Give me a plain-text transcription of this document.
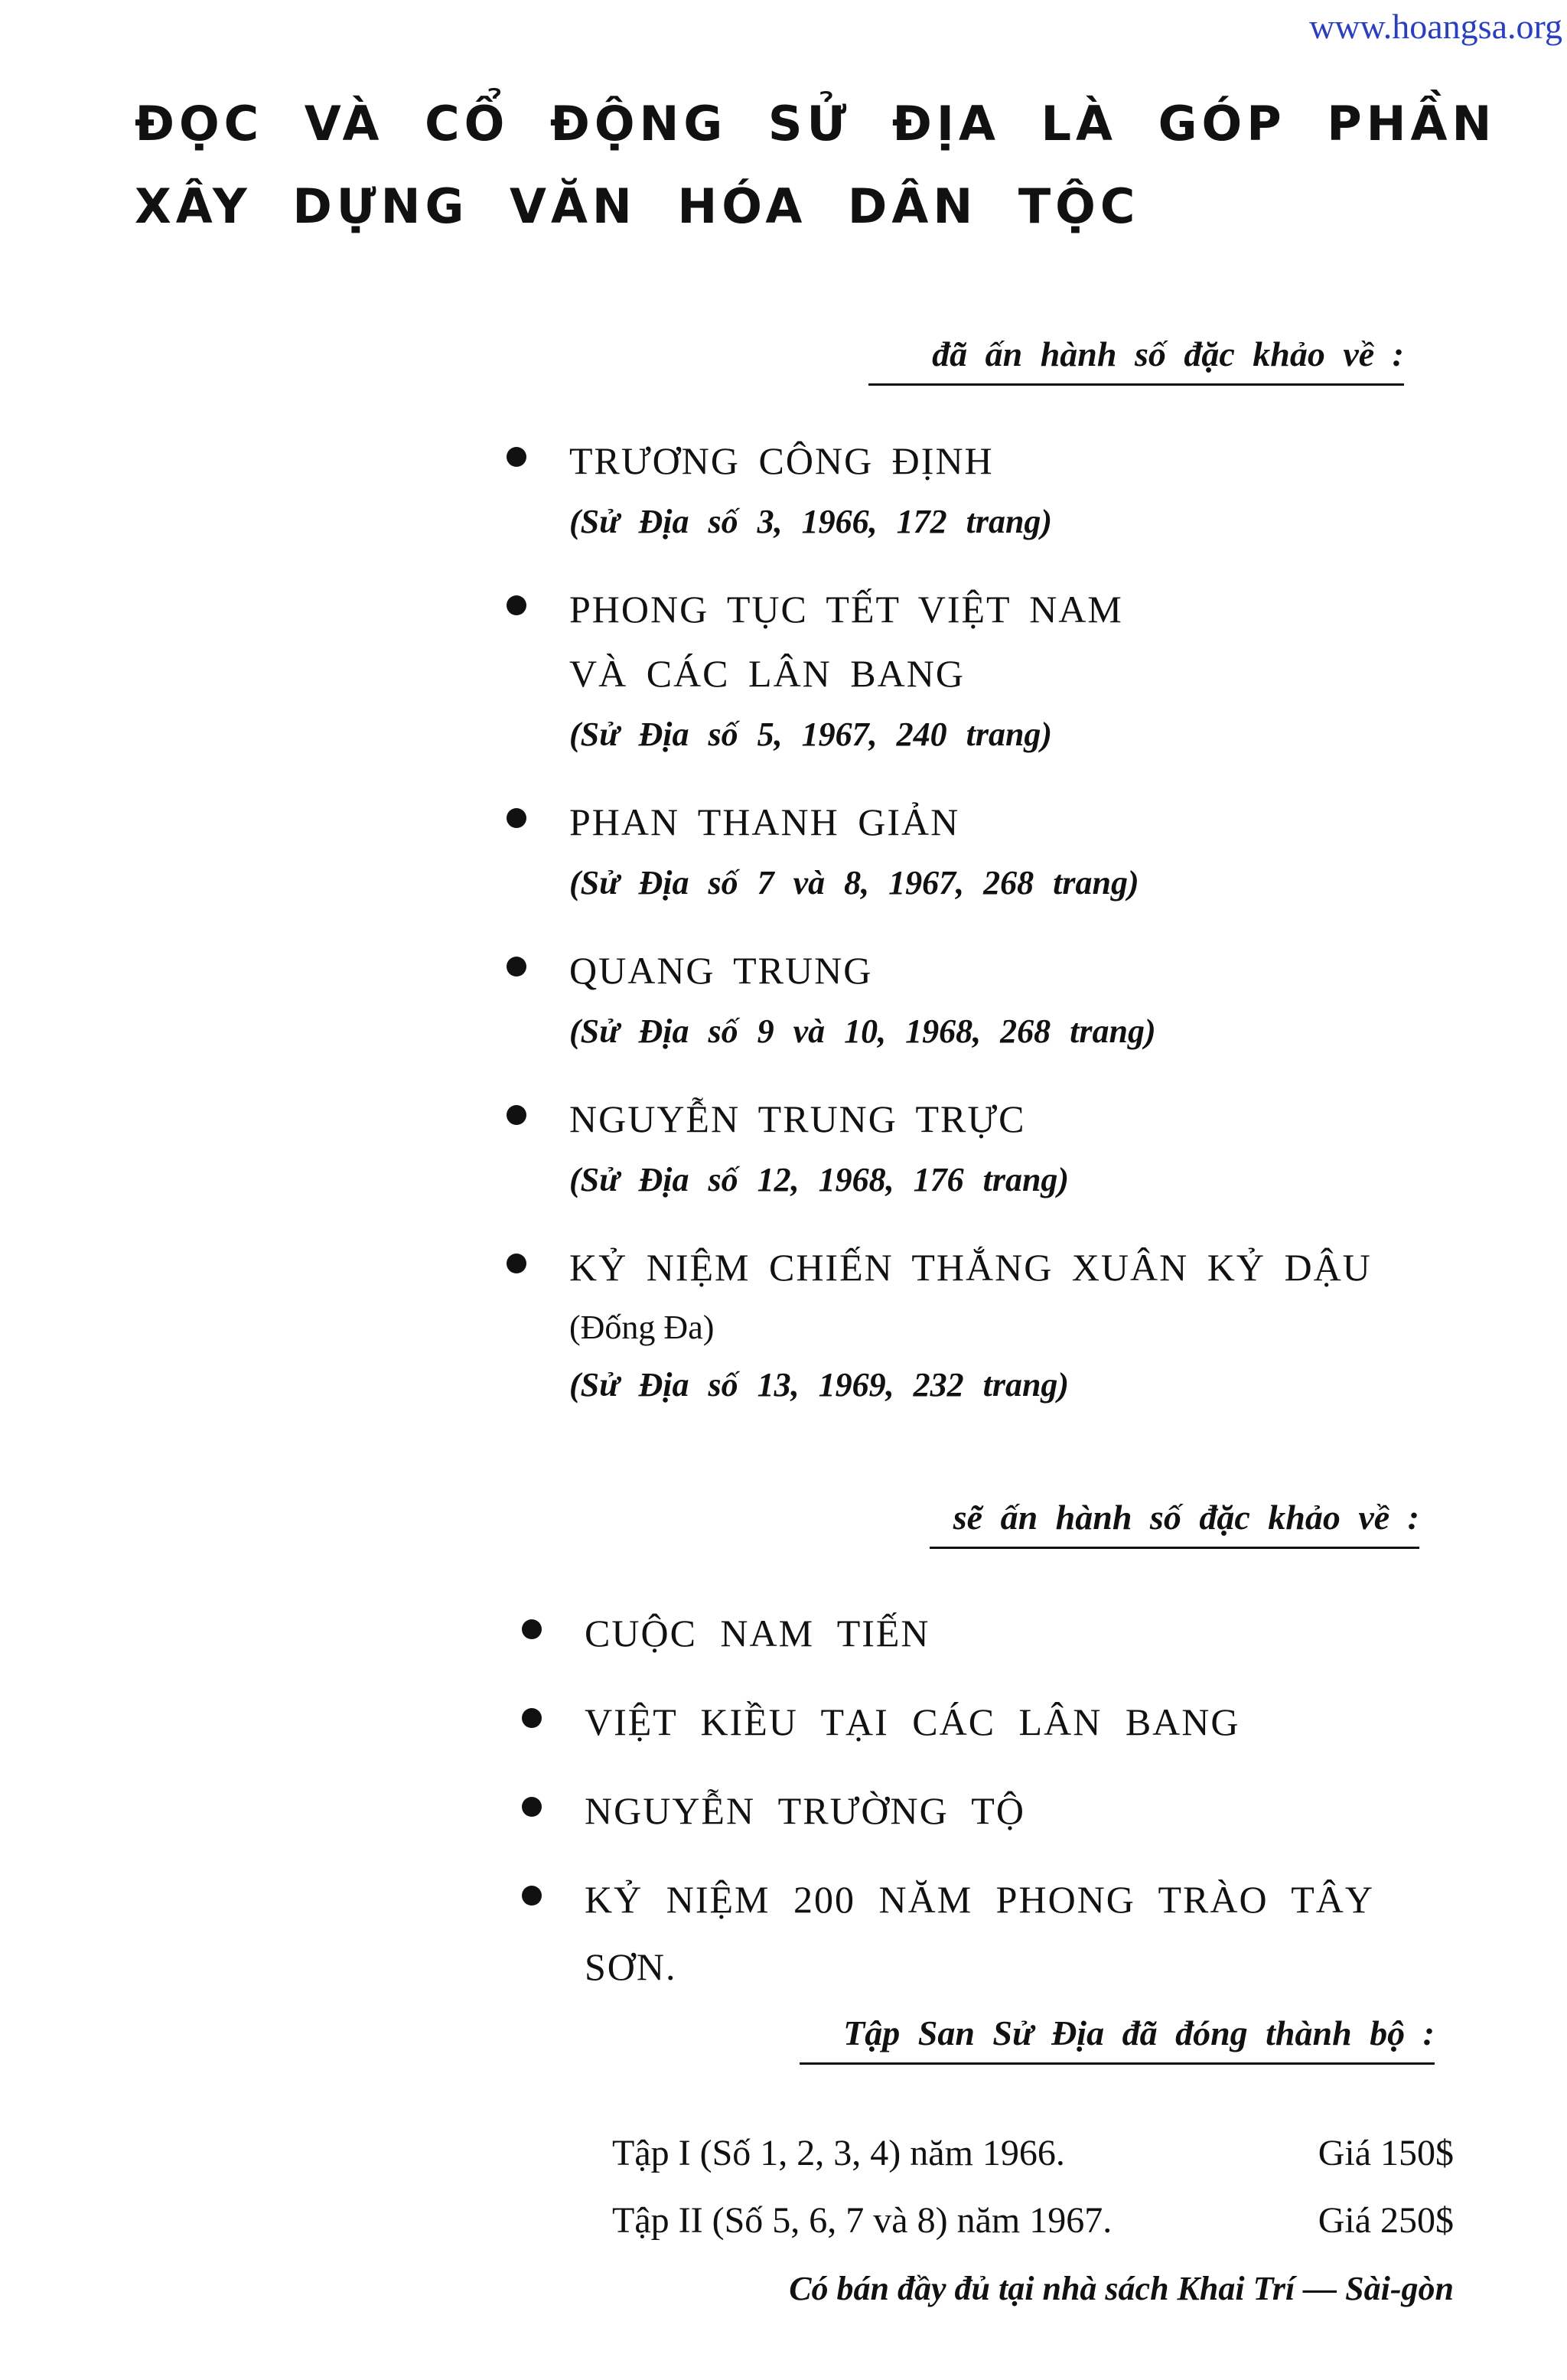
www.hoangsa.org
ĐỌC VÀ CỔ ĐỘNG SỬ ĐỊA LÀ GÓP PHẦN
XÂY DỰNG VĂN HÓA DÂN TỘC
đã ấn hành số đặc khảo về :
TRƯƠNG CÔNG ĐỊNH
(Sử Địa số 3, 1966, 172 trang)
PHONG TỤC TẾT VIỆT NAM
VÀ CÁC LÂN BANG
(Sử Địa số 5, 1967, 240 trang)
PHAN THANH GIẢN
(Sử Địa số 7 và 8, 1967, 268 trang)
QUANG TRUNG
(Sử Địa số 9 và 10, 1968, 268 trang)
NGUYỄN TRUNG TRỰC
(Sử Địa số 12, 1968, 176 trang)
KỶ NIỆM CHIẾN THẮNG XUÂN KỶ DẬU
(Đống Đa)
(Sử Địa số 13, 1969, 232 trang)
sẽ ấn hành số đặc khảo về :
CUỘC NAM TIẾN
VIỆT KIỀU TẠI CÁC LÂN BANG
NGUYỄN TRƯỜNG TỘ
KỶ NIỆM 200 NĂM PHONG TRÀO TÂY
SƠN.
Tập San Sử Địa đã đóng thành bộ :
Tập I (Số 1, 2, 3, 4) năm 1966.	Giá 150$
Tập II (Số 5, 6, 7 và 8) năm 1967.	Giá 250$
Có bán đầy đủ tại nhà sách Khai Trí — Sài-gòn
